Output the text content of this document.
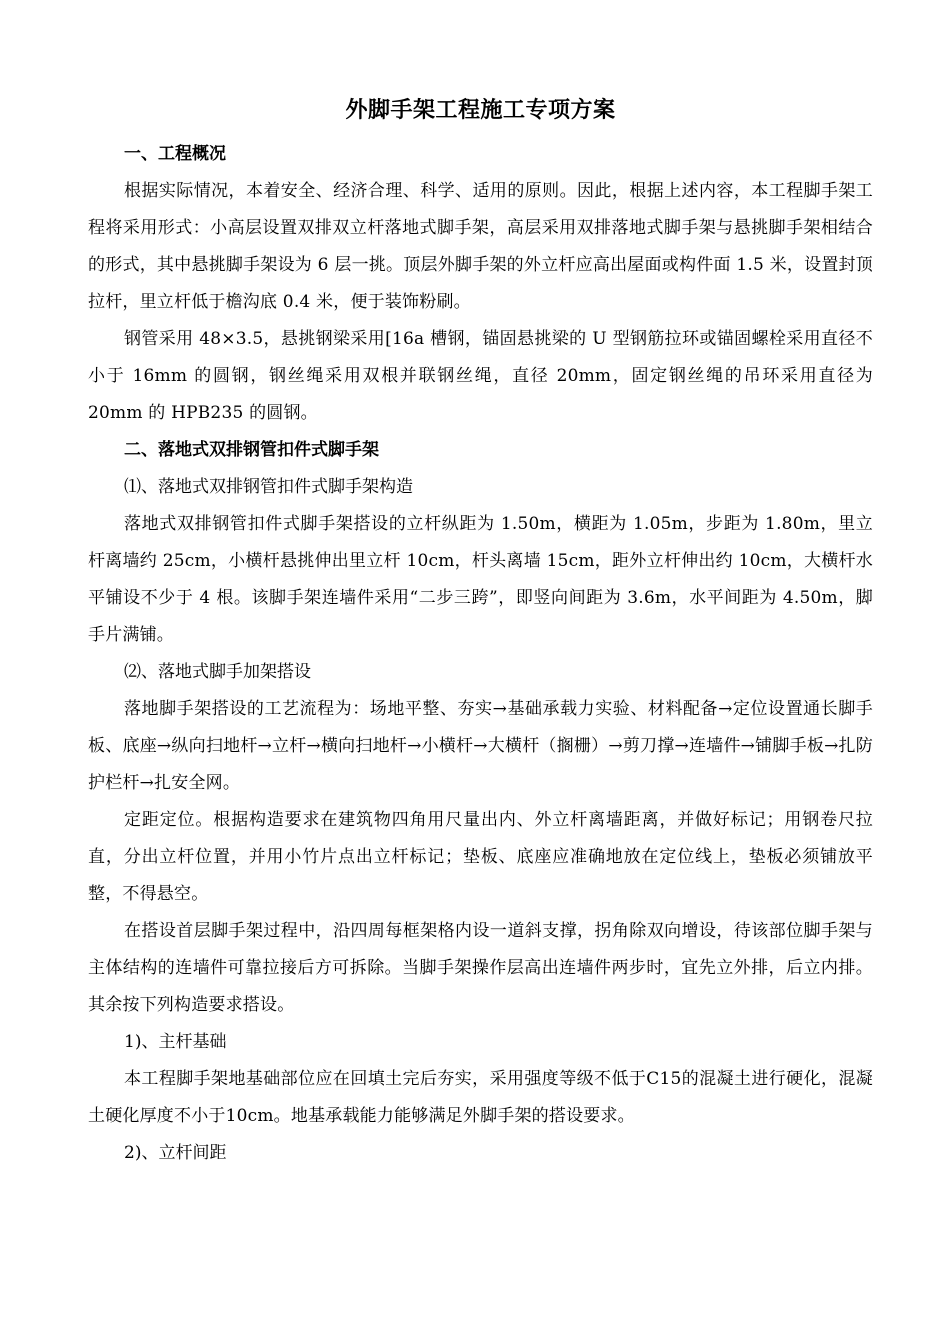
外脚手架工程施工专项方案

一、工程概况

根据实际情况，本着安全、经济合理、科学、适用的原则。因此，根据上述内容，本工程脚手架工程将采用形式：小高层设置双排双立杆落地式脚手架，高层采用双排落地式脚手架与悬挑脚手架相结合的形式，其中悬挑脚手架设为 6 层一挑。顶层外脚手架的外立杆应高出屋面或构件面 1.5 米，设置封顶拉杆，里立杆低于檐沟底 0.4 米，便于装饰粉刷。

钢管采用 48×3.5，悬挑钢梁采用[16a 槽钢，锚固悬挑梁的 U 型钢筋拉环或锚固螺栓采用直径不小于 16mm 的圆钢，钢丝绳采用双根并联钢丝绳，直径 20mm，固定钢丝绳的吊环采用直径为 20mm 的 HPB235 的圆钢。

二、落地式双排钢管扣件式脚手架

⑴、落地式双排钢管扣件式脚手架构造

落地式双排钢管扣件式脚手架搭设的立杆纵距为 1.50m，横距为 1.05m，步距为 1.80m，里立杆离墙约 25cm，小横杆悬挑伸出里立杆 10cm，杆头离墙 15cm，距外立杆伸出约 10cm，大横杆水平铺设不少于 4 根。该脚手架连墙件采用“二步三跨”，即竖向间距为 3.6m，水平间距为 4.50m，脚手片满铺。

⑵、落地式脚手加架搭设

落地脚手架搭设的工艺流程为：场地平整、夯实→基础承载力实验、材料配备→定位设置通长脚手板、底座→纵向扫地杆→立杆→横向扫地杆→小横杆→大横杆（搁栅）→剪刀撑→连墙件→铺脚手板→扎防护栏杆→扎安全网。

定距定位。根据构造要求在建筑物四角用尺量出内、外立杆离墙距离，并做好标记；用钢卷尺拉直，分出立杆位置，并用小竹片点出立杆标记；垫板、底座应准确地放在定位线上，垫板必须铺放平整，不得悬空。

在搭设首层脚手架过程中，沿四周每框架格内设一道斜支撑，拐角除双向增设，待该部位脚手架与主体结构的连墙件可靠拉接后方可拆除。当脚手架操作层高出连墙件两步时，宜先立外排，后立内排。其余按下列构造要求搭设。

1)、主杆基础

本工程脚手架地基础部位应在回填土完后夯实，采用强度等级不低于C15的混凝土进行硬化，混凝土硬化厚度不小于10cm。地基承载能力能够满足外脚手架的搭设要求。

2)、立杆间距
